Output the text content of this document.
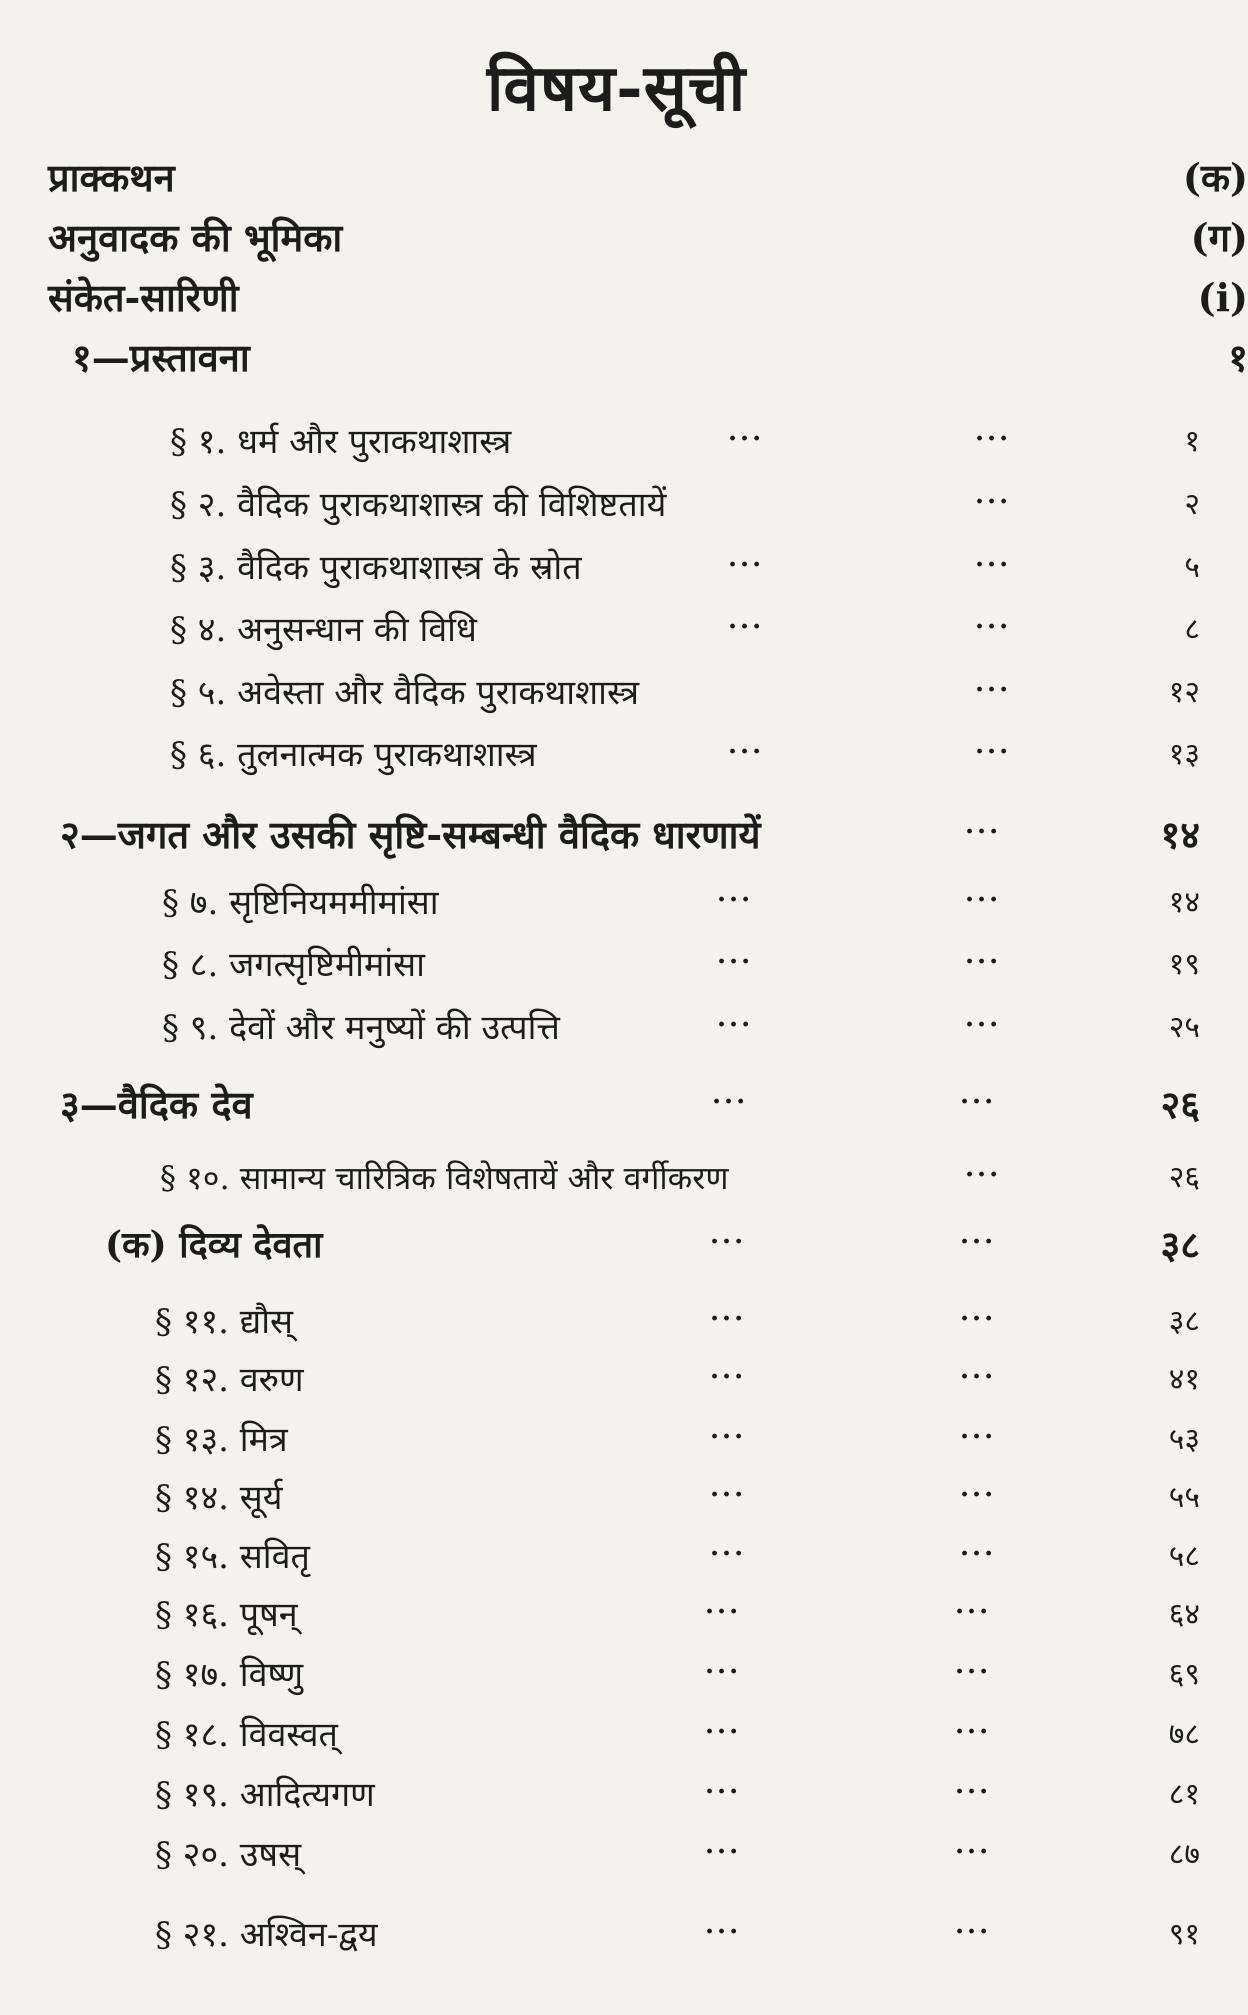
विषय-सूची
प्राक्कथन	(क)
अनुवादक की भूमिका	(ग)
संकेत-सारिणी	(i)
१—प्रस्तावना	१
§ १. धर्म और पुराकथाशास्त्र	...	...	१
§ २. वैदिक पुराकथाशास्त्र की विशिष्टतायें	...	२
§ ३. वैदिक पुराकथाशास्त्र के स्रोत	...	...	५
§ ४. अनुसन्धान की विधि	...	...	८
§ ५. अवेस्ता और वैदिक पुराकथाशास्त्र	...	१२
§ ६. तुलनात्मक पुराकथाशास्त्र	...	...	१३
२—जगत और उसकी सृष्टि-सम्बन्धी वैदिक धारणायें	...	१४
§ ७. सृष्टिनियममीमांसा	...	...	१४
§ ८. जगत्सृष्टिमीमांसा	...	...	१९
§ ९. देवों और मनुष्यों की उत्पत्ति	...	...	२५
३—वैदिक देव	...	...	२६
§ १०. सामान्य चारित्रिक विशेषतायें और वर्गीकरण	...	२६
(क) दिव्य देवता	...	...	३८
§ ११. द्यौस्	...	...	३८
§ १२. वरुण	...	...	४१
§ १३. मित्र	...	...	५३
§ १४. सूर्य	...	...	५५
§ १५. सवितृ	...	...	५८
§ १६. पूषन्	...	...	६४
§ १७. विष्णु	...	...	६९
§ १८. विवस्वत्	...	...	७८
§ १९. आदित्यगण	...	...	८१
§ २०. उषस्	...	...	८७
§ २१. अश्विन-द्वय	...	...	९१
